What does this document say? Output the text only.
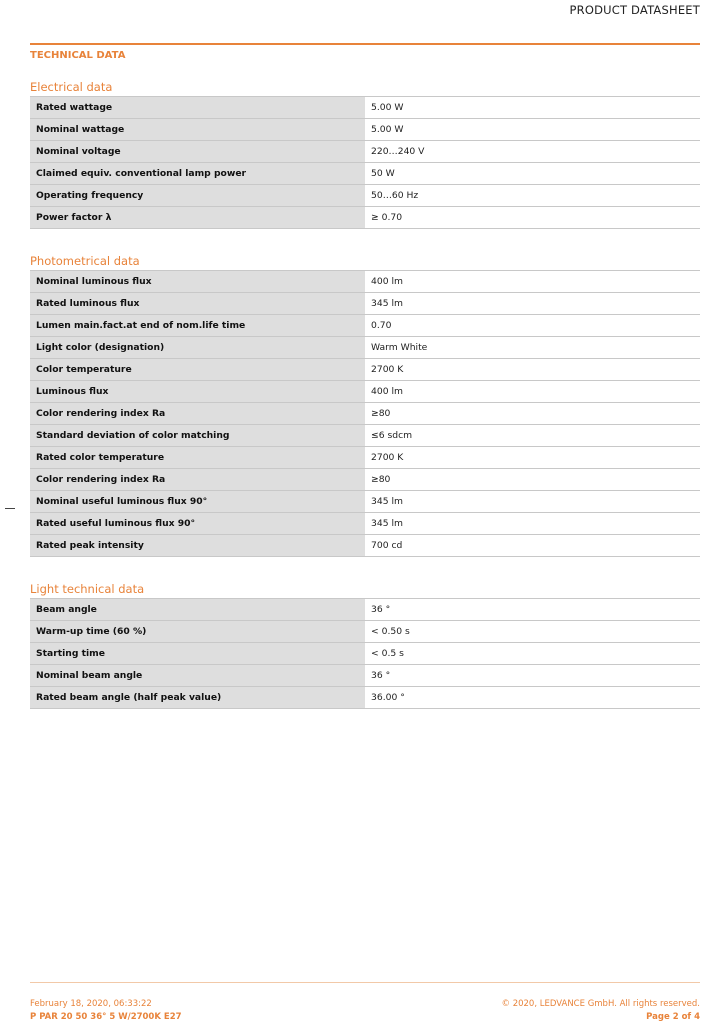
PRODUCT DATASHEET
TECHNICAL DATA
Electrical data
Rated wattage	5.00 W
Nominal wattage	5.00 W
Nominal voltage	220…240 V
Claimed equiv. conventional lamp power	50 W
Operating frequency	50…60 Hz
Power factor λ	≥ 0.70
Photometrical data
Nominal luminous flux	400 lm
Rated luminous flux	345 lm
Lumen main.fact.at end of nom.life time	0.70
Light color (designation)	Warm White
Color temperature	2700 K
Luminous flux	400 lm
Color rendering index Ra	≥80
Standard deviation of color matching	≤6 sdcm
Rated color temperature	2700 K
Color rendering index Ra	≥80
Nominal useful luminous flux 90°	345 lm
Rated useful luminous flux 90°	345 lm
Rated peak intensity	700 cd
Light technical data
Beam angle	36 °
Warm-up time (60 %)	< 0.50 s
Starting time	< 0.5 s
Nominal beam angle	36 °
Rated beam angle (half peak value)	36.00 °
February 18, 2020, 06:33:22
P PAR 20 50 36° 5 W/2700K E27
© 2020, LEDVANCE GmbH. All rights reserved.
Page 2 of 4
